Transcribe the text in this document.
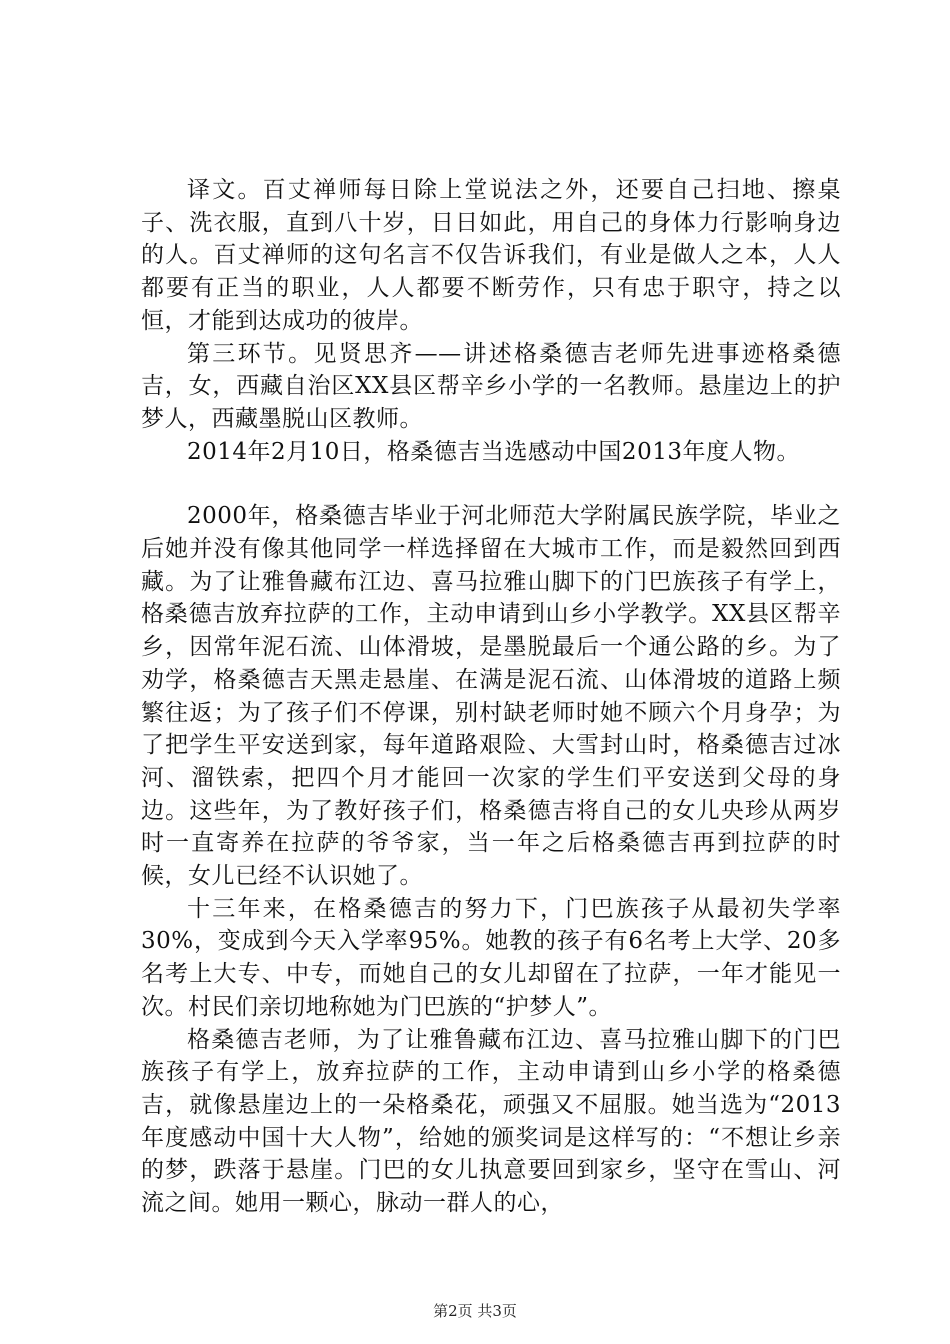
译文。百丈禅师每日除上堂说法之外，还要自己扫地、擦桌子、洗衣服，直到八十岁，日日如此，用自己的身体力行影响身边的人。百丈禅师的这句名言不仅告诉我们，有业是做人之本，人人都要有正当的职业，人人都要不断劳作，只有忠于职守，持之以恒，才能到达成功的彼岸。

第三环节。见贤思齐——讲述格桑德吉老师先进事迹格桑德吉，女，西藏自治区XX县区帮辛乡小学的一名教师。悬崖边上的护梦人，西藏墨脱山区教师。

2014年2月10日，格桑德吉当选感动中国2013年度人物。

2000年，格桑德吉毕业于河北师范大学附属民族学院，毕业之后她并没有像其他同学一样选择留在大城市工作，而是毅然回到西藏。为了让雅鲁藏布江边、喜马拉雅山脚下的门巴族孩子有学上，格桑德吉放弃拉萨的工作，主动申请到山乡小学教学。XX县区帮辛乡，因常年泥石流、山体滑坡，是墨脱最后一个通公路的乡。为了劝学，格桑德吉天黑走悬崖、在满是泥石流、山体滑坡的道路上频繁往返；为了孩子们不停课，别村缺老师时她不顾六个月身孕；为了把学生平安送到家，每年道路艰险、大雪封山时，格桑德吉过冰河、溜铁索，把四个月才能回一次家的学生们平安送到父母的身边。这些年，为了教好孩子们，格桑德吉将自己的女儿央珍从两岁时一直寄养在拉萨的爷爷家，当一年之后格桑德吉再到拉萨的时候，女儿已经不认识她了。

十三年来，在格桑德吉的努力下，门巴族孩子从最初失学率30%，变成到今天入学率95%。她教的孩子有6名考上大学、20多名考上大专、中专，而她自己的女儿却留在了拉萨，一年才能见一次。村民们亲切地称她为门巴族的“护梦人”。

格桑德吉老师，为了让雅鲁藏布江边、喜马拉雅山脚下的门巴族孩子有学上，放弃拉萨的工作，主动申请到山乡小学的格桑德吉，就像悬崖边上的一朵格桑花，顽强又不屈服。她当选为“2013年度感动中国十大人物”，给她的颁奖词是这样写的：“不想让乡亲的梦，跌落于悬崖。门巴的女儿执意要回到家乡，坚守在雪山、河流之间。她用一颗心，脉动一群人的心，

第2页 共3页
